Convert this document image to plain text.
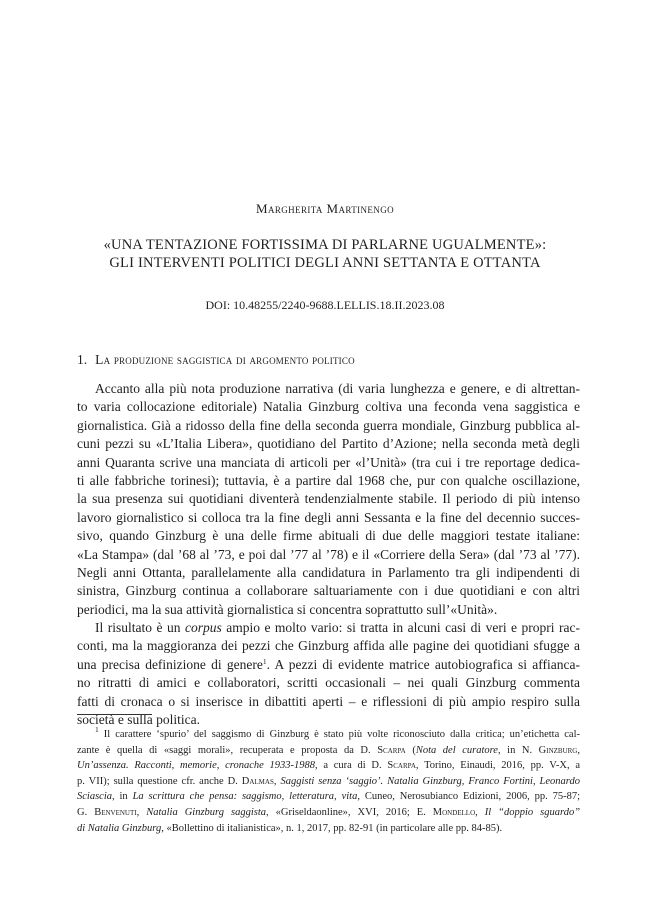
Margherita Martinengo
«UNA TENTAZIONE FORTISSIMA DI PARLARNE UGUALMENTE»:
GLI INTERVENTI POLITICI DEGLI ANNI SETTANTA E OTTANTA
DOI: 10.48255/2240-9688.LELLIS.18.II.2023.08
1. La produzione saggistica di argomento politico
Accanto alla più nota produzione narrativa (di varia lunghezza e genere, e di altrettan-
to varia collocazione editoriale) Natalia Ginzburg coltiva una feconda vena saggistica e
giornalistica. Già a ridosso della fine della seconda guerra mondiale, Ginzburg pubblica al-
cuni pezzi su «L’Italia Libera», quotidiano del Partito d’Azione; nella seconda metà degli
anni Quaranta scrive una manciata di articoli per «l’Unità» (tra cui i tre reportage dedica-
ti alle fabbriche torinesi); tuttavia, è a partire dal 1968 che, pur con qualche oscillazione,
la sua presenza sui quotidiani diventerà tendenzialmente stabile. Il periodo di più intenso
lavoro giornalistico si colloca tra la fine degli anni Sessanta e la fine del decennio succes-
sivo, quando Ginzburg è una delle firme abituali di due delle maggiori testate italiane:
«La Stampa» (dal ’68 al ’73, e poi dal ’77 al ’78) e il «Corriere della Sera» (dal ’73 al ’77).
Negli anni Ottanta, parallelamente alla candidatura in Parlamento tra gli indipendenti di
sinistra, Ginzburg continua a collaborare saltuariamente con i due quotidiani e con altri
periodici, ma la sua attività giornalistica si concentra soprattutto sull’«Unità».
Il risultato è un corpus ampio e molto vario: si tratta in alcuni casi di veri e propri rac-
conti, ma la maggioranza dei pezzi che Ginzburg affida alle pagine dei quotidiani sfugge a
una precisa definizione di genere$^1$. A pezzi di evidente matrice autobiografica si affianca-
no ritratti di amici e collaboratori, scritti occasionali – nei quali Ginzburg commenta
fatti di cronaca o si inserisce in dibattiti aperti – e riflessioni di più ampio respiro sulla
società e sulla politica.
$^1$ Il carattere ‘spurio’ del saggismo di Ginzburg è stato più volte riconosciuto dalla critica; un’etichetta cal-
zante è quella di «saggi morali», recuperata e proposta da D. Scarpa (Nota del curatore, in N. Ginzburg,
Un’assenza. Racconti, memorie, cronache 1933-1988, a cura di D. Scarpa, Torino, Einaudi, 2016, pp. V-X, a
p. VII); sulla questione cfr. anche D. Dalmas, Saggisti senza ‘saggio’. Natalia Ginzburg, Franco Fortini, Leonardo
Sciascia, in La scrittura che pensa: saggismo, letteratura, vita, Cuneo, Nerosubianco Edizioni, 2006, pp. 75-87;
G. Benvenuti, Natalia Ginzburg saggista, «Griseldaonline», XVI, 2016; E. Mondello, Il “doppio sguardo”
di Natalia Ginzburg, «Bollettino di italianistica», n. 1, 2017, pp. 82-91 (in particolare alle pp. 84-85).
